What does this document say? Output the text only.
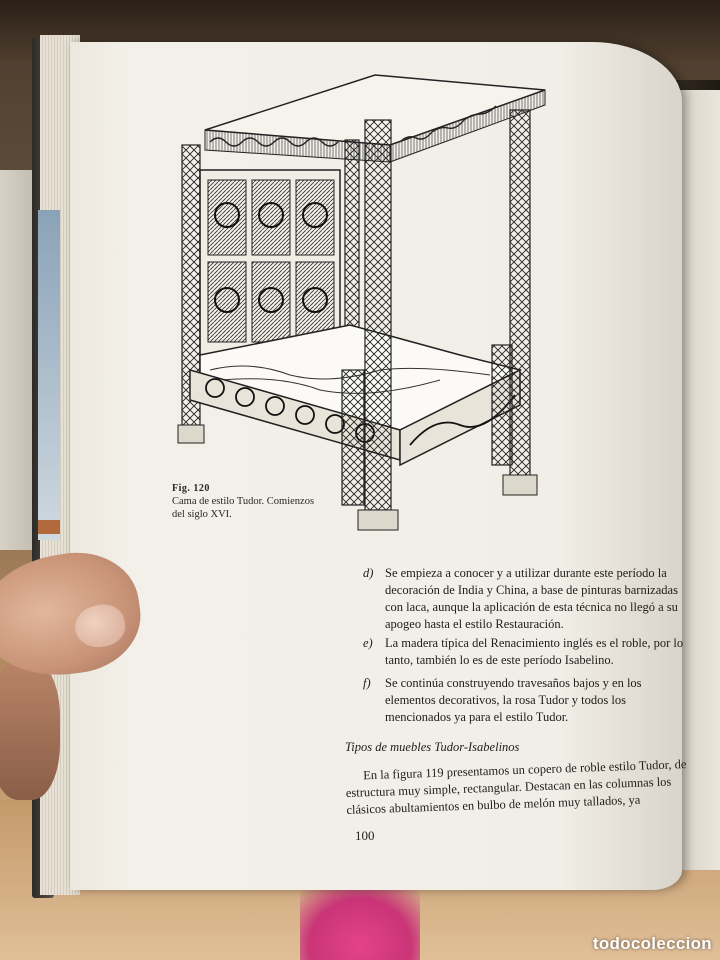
Fig. 120
Cama de estilo Tudor. Comienzos del siglo XVI.
d) Se empieza a conocer y a utilizar durante este período la decoración de India y China, a base de pinturas barnizadas con laca, aunque la aplicación de esta técnica no llegó a su apogeo hasta el estilo Restauración.
e) La madera típica del Renacimiento inglés es el roble, por lo tanto, también lo es de este período Isabelino.
f) Se continúa construyendo travesaños bajos y en los elementos decorativos, la rosa Tudor y todos los mencionados ya para el estilo Tudor.
Tipos de muebles Tudor-Isabelinos
En la figura 119 presentamos un copero de roble estilo Tudor, de estructura muy simple, rectangular. Destacan en las columnas los clásicos abultamientos en bulbo de melón muy tallados, ya
100
todocoleccion
